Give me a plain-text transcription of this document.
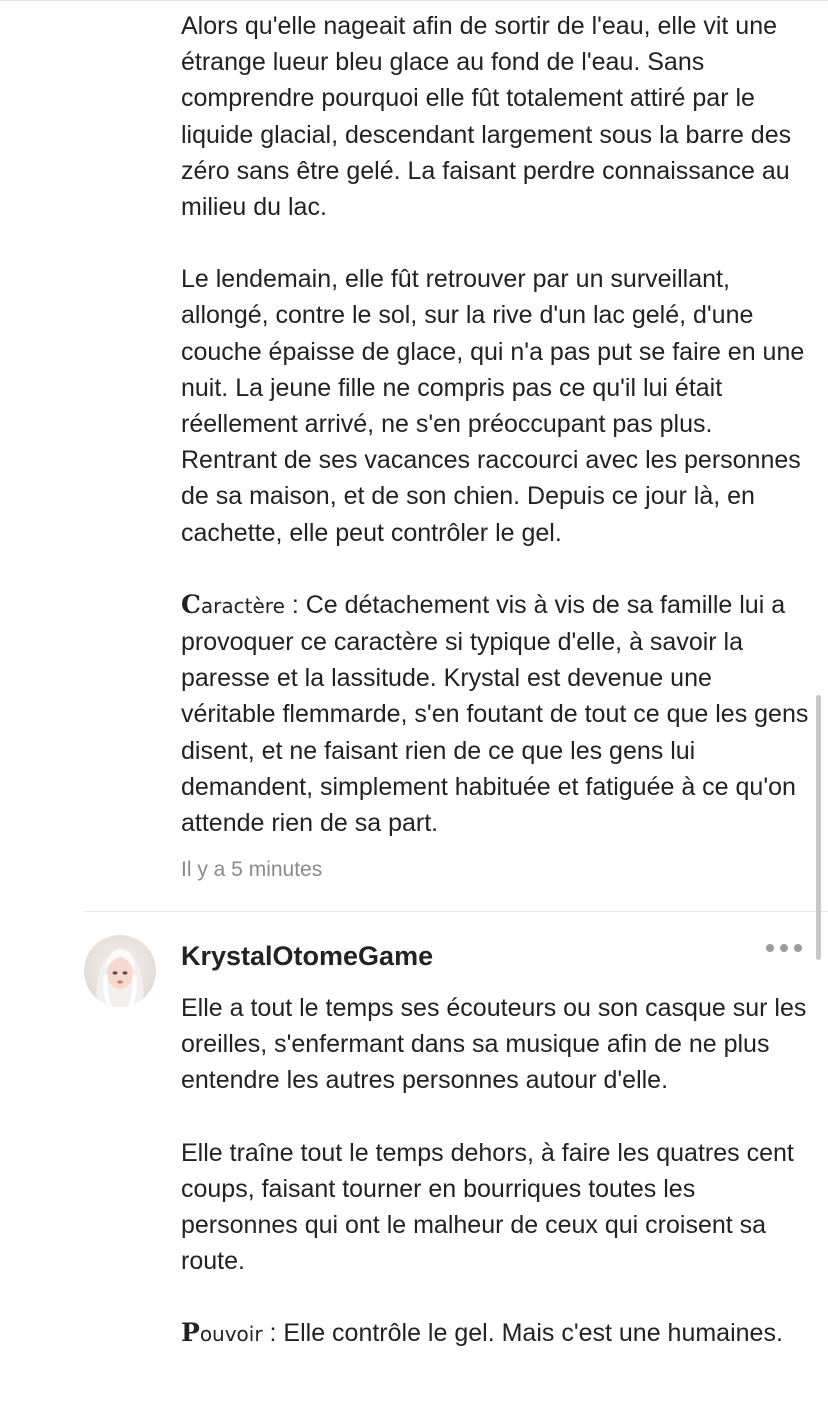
Alors qu'elle nageait afin de sortir de l'eau, elle vit une étrange lueur bleu glace au fond de l'eau. Sans comprendre pourquoi elle fût totalement attiré par le liquide glacial, descendant largement sous la barre des zéro sans être gelé. La faisant perdre connaissance au milieu du lac.

Le lendemain, elle fût retrouver par un surveillant, allongé, contre le sol, sur la rive d'un lac gelé, d'une couche épaisse de glace, qui n'a pas put se faire en une nuit. La jeune fille ne compris pas ce qu'il lui était réellement arrivé, ne s'en préoccupant pas plus. Rentrant de ses vacances raccourci avec les personnes de sa maison, et de son chien. Depuis ce jour là, en cachette, elle peut contrôler le gel.

Caractère : Ce détachement vis à vis de sa famille lui a provoquer ce caractère si typique d'elle, à savoir la paresse et la lassitude. Krystal est devenue une véritable flemmarde, s'en foutant de tout ce que les gens disent, et ne faisant rien de ce que les gens lui demandent, simplement habituée et fatiguée à ce qu'on attende rien de sa part.

Il y a 5 minutes
KrystalOtomeGame

Elle a tout le temps ses écouteurs ou son casque sur les oreilles, s'enfermant dans sa musique afin de ne plus entendre les autres personnes autour d'elle.

Elle traîne tout le temps dehors, à faire les quatres cent coups, faisant tourner en bourriques toutes les personnes qui ont le malheur de ceux qui croisent sa route.

Pouvoir : Elle contrôle le gel. Mais c'est une humaines.
